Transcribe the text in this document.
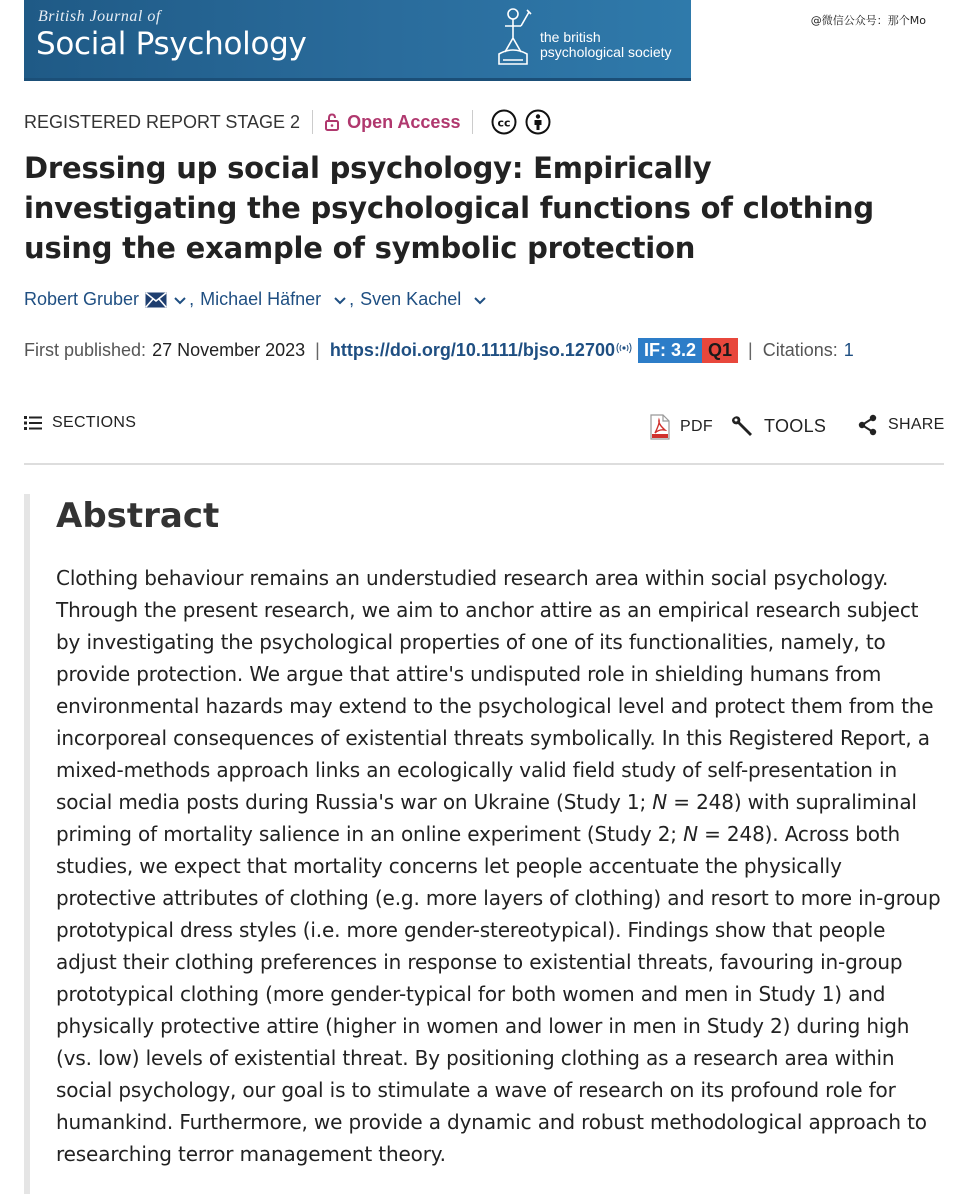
British Journal of
Social Psychology	the british
psychological society
@微信公众号：那个Mo
REGISTERED REPORT STAGE 2	Open Access	cc
Dressing up social psychology: Empirically investigating the psychological functions of clothing using the example of symbolic protection
Robert Gruber	, Michael Häfner , Sven Kachel
First published: 27 November 2023 | https://doi.org/10.1111/bjso.12700	IF: 3.2 Q1 | Citations: 1
SECTIONS	PDF	TOOLS	SHARE
Abstract

Clothing behaviour remains an understudied research area within social psychology. Through the present research, we aim to anchor attire as an empirical research subject by investigating the psychological properties of one of its functionalities, namely, to provide protection. We argue that attire's undisputed role in shielding humans from environmental hazards may extend to the psychological level and protect them from the incorporeal consequences of existential threats symbolically. In this Registered Report, a mixed-methods approach links an ecologically valid field study of self-presentation in social media posts during Russia's war on Ukraine (Study 1; N = 248) with supraliminal priming of mortality salience in an online experiment (Study 2; N = 248). Across both studies, we expect that mortality concerns let people accentuate the physically protective attributes of clothing (e.g. more layers of clothing) and resort to more in-group prototypical dress styles (i.e. more gender-stereotypical). Findings show that people adjust their clothing preferences in response to existential threats, favouring in-group prototypical clothing (more gender-typical for both women and men in Study 1) and physically protective attire (higher in women and lower in men in Study 2) during high (vs. low) levels of existential threat. By positioning clothing as a research area within social psychology, our goal is to stimulate a wave of research on its profound role for humankind. Furthermore, we provide a dynamic and robust methodological approach to researching terror management theory.
